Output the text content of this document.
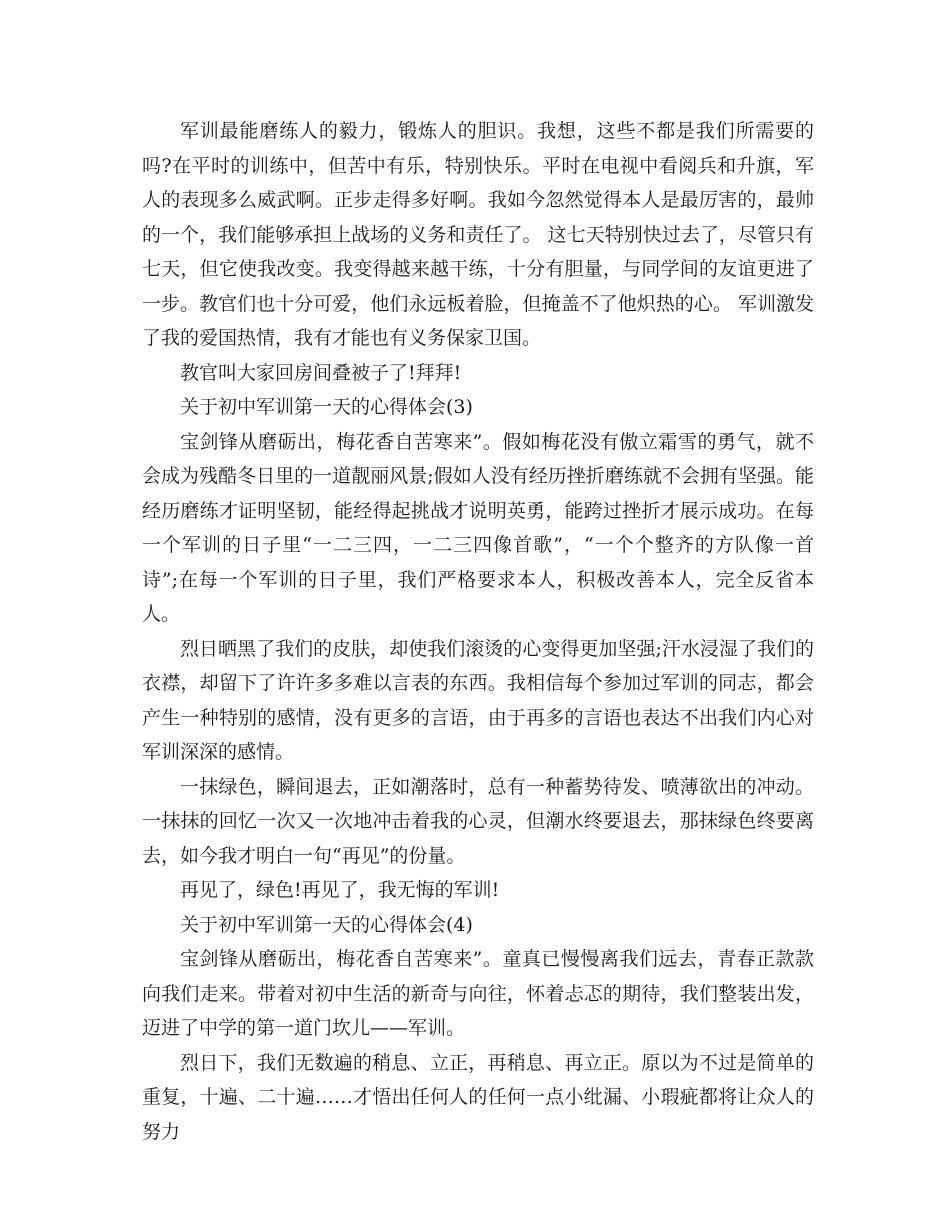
军训最能磨练人的毅力，锻炼人的胆识。我想，这些不都是我们所需要的吗?在平时的训练中，但苦中有乐，特别快乐。平时在电视中看阅兵和升旗，军人的表现多么威武啊。正步走得多好啊。我如今忽然觉得本人是最厉害的，最帅的一个，我们能够承担上战场的义务和责任了。 这七天特别快过去了，尽管只有七天，但它使我改变。我变得越来越干练，十分有胆量，与同学间的友谊更进了一步。教官们也十分可爱，他们永远板着脸，但掩盖不了他炽热的心。 军训激发了我的爱国热情，我有才能也有义务保家卫国。

教官叫大家回房间叠被子了!拜拜!

关于初中军训第一天的心得体会(3)

宝剑锋从磨砺出，梅花香自苦寒来”。假如梅花没有傲立霜雪的勇气，就不会成为残酷冬日里的一道靓丽风景;假如人没有经历挫折磨练就不会拥有坚强。能经历磨练才证明坚韧，能经得起挑战才说明英勇，能跨过挫折才展示成功。在每一个军训的日子里“一二三四，一二三四像首歌”，“一个个整齐的方队像一首诗”;在每一个军训的日子里，我们严格要求本人，积极改善本人，完全反省本人。

烈日晒黑了我们的皮肤，却使我们滚烫的心变得更加坚强;汗水浸湿了我们的衣襟，却留下了许许多多难以言表的东西。我相信每个参加过军训的同志，都会产生一种特别的感情，没有更多的言语，由于再多的言语也表达不出我们内心对军训深深的感情。

一抹绿色，瞬间退去，正如潮落时，总有一种蓄势待发、喷薄欲出的冲动。一抹抹的回忆一次又一次地冲击着我的心灵，但潮水终要退去，那抹绿色终要离去，如今我才明白一句“再见”的份量。

再见了，绿色!再见了，我无悔的军训!

关于初中军训第一天的心得体会(4)

宝剑锋从磨砺出，梅花香自苦寒来”。童真已慢慢离我们远去，青春正款款向我们走来。带着对初中生活的新奇与向往，怀着忐忑的期待，我们整装出发，迈进了中学的第一道门坎儿——军训。

烈日下，我们无数遍的稍息、立正，再稍息、再立正。原以为不过是简单的重复，十遍、二十遍……才悟出任何人的任何一点小纰漏、小瑕疵都将让众人的努力
